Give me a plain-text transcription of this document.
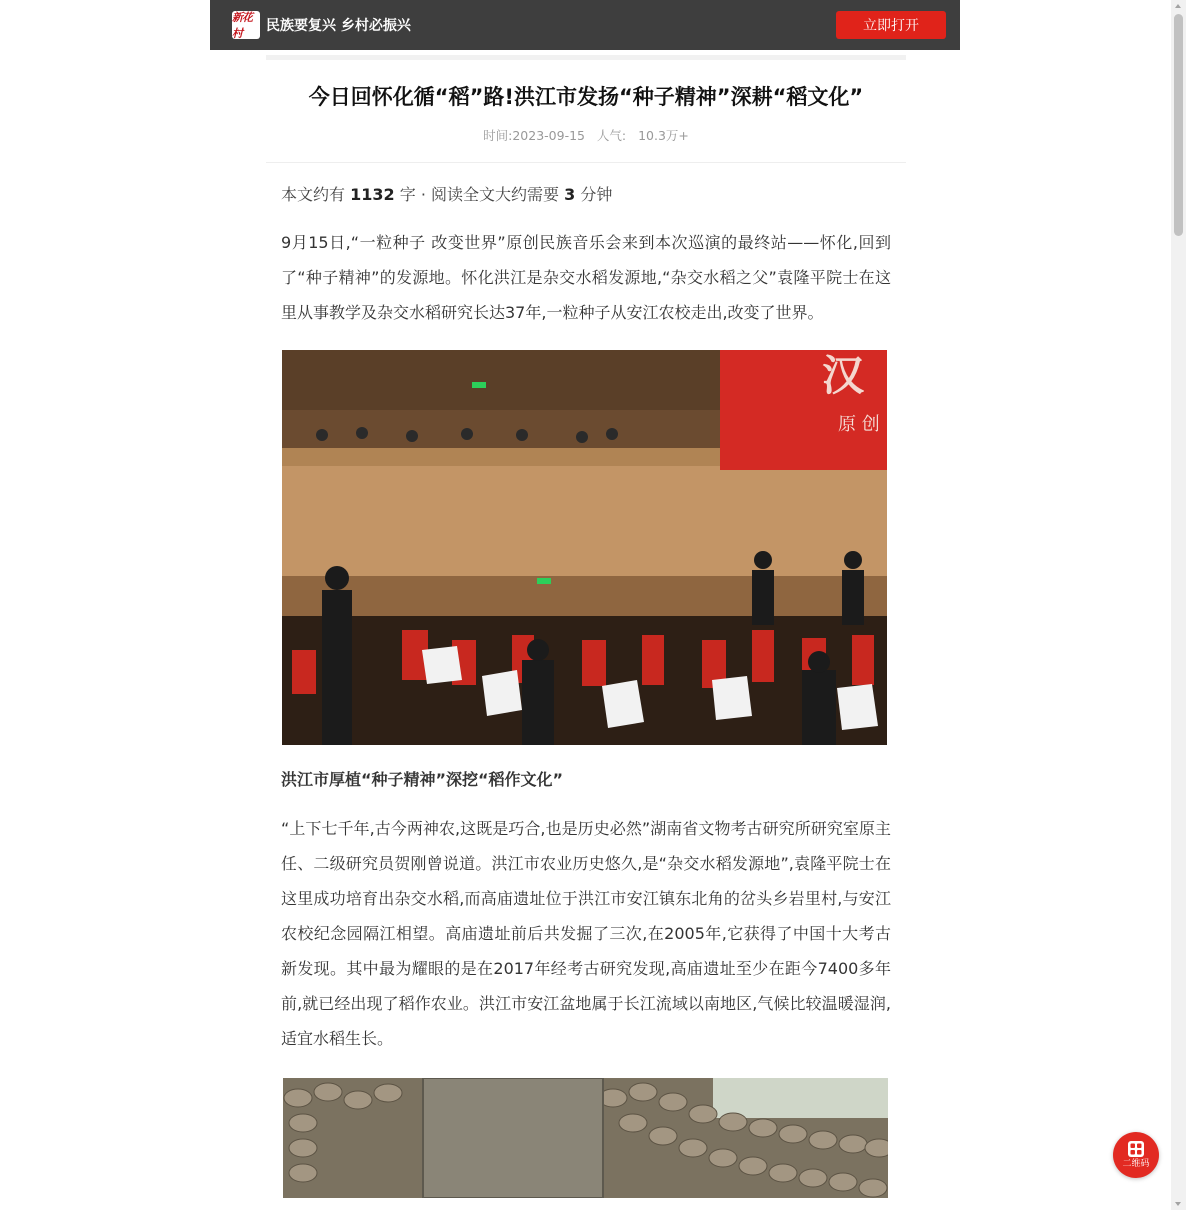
新花村	民族要复兴 乡村必振兴	立即打开
今日回怀化循“稻”路!洪江市发扬“种子精神”深耕“稻文化”
时间:2023-09-15 人气: 10.3万+
本文约有 1132 字 · 阅读全文大约需要 3 分钟

9月15日,“一粒种子 改变世界”原创民族音乐会来到本次巡演的最终站——怀化,回到了“种子精神”的发源地。怀化洪江是杂交水稻发源地,“杂交水稻之父”袁隆平院士在这里从事教学及杂交水稻研究长达37年,一粒种子从安江农校走出,改变了世界。

汉
原 创

洪江市厚植“种子精神”深挖“稻作文化”

“上下七千年,古今两神农,这既是巧合,也是历史必然”湖南省文物考古研究所研究室原主任、二级研究员贺刚曾说道。洪江市农业历史悠久,是“杂交水稻发源地”,袁隆平院士在这里成功培育出杂交水稻,而高庙遗址位于洪江市安江镇东北角的岔头乡岩里村,与安江农校纪念园隔江相望。高庙遗址前后共发掘了三次,在2005年,它获得了中国十大考古新发现。其中最为耀眼的是在2017年经考古研究发现,高庙遗址至少在距今7400多年前,就已经出现了稻作农业。洪江市安江盆地属于长江流域以南地区,气候比较温暖湿润,适宜水稻生长。

二维码
